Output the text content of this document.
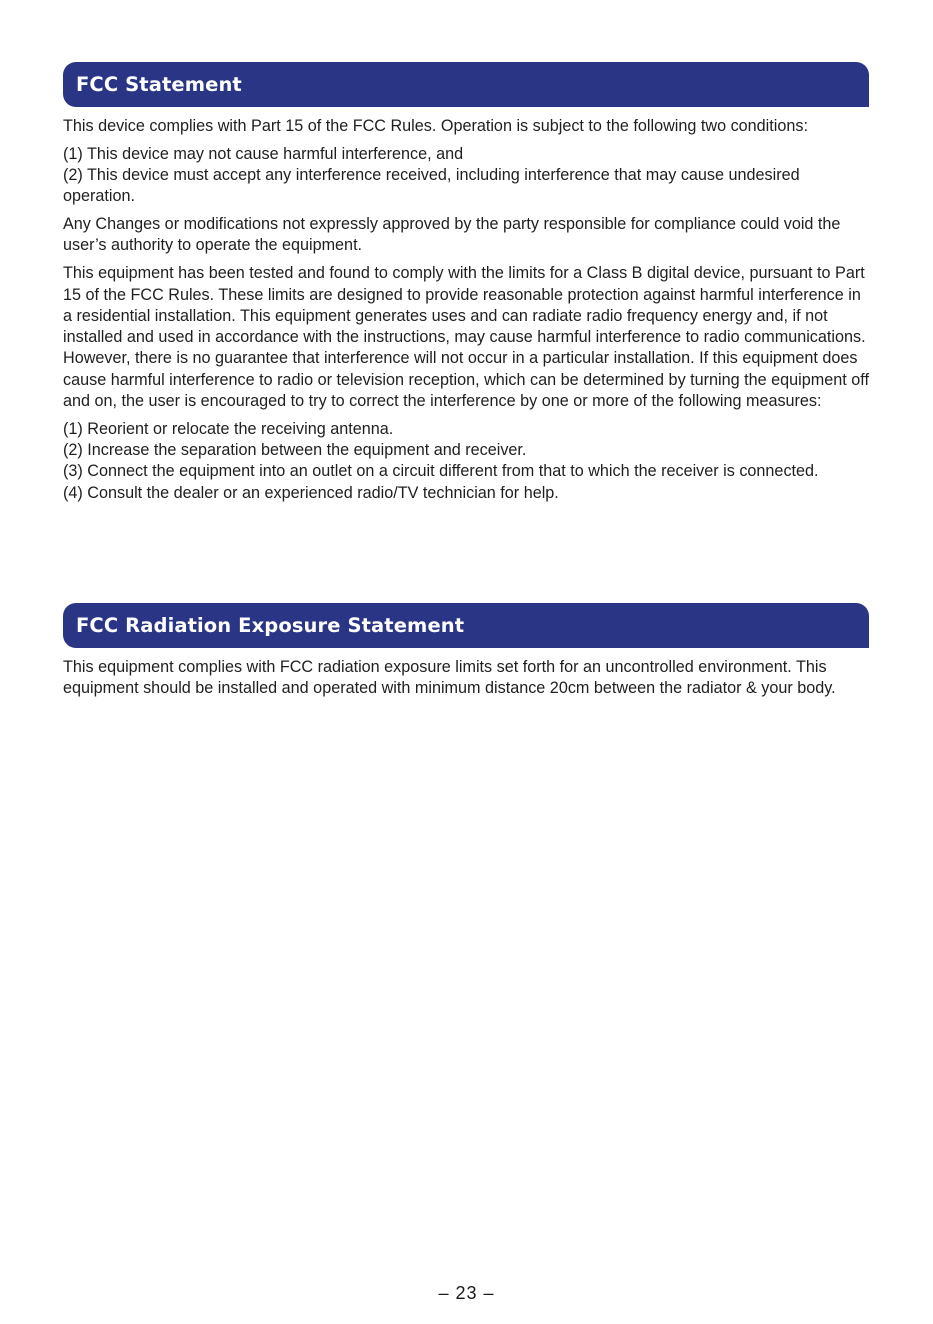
FCC Statement

This device complies with Part 15 of the FCC Rules. Operation is subject to the following two conditions:

(1) This device may not cause harmful interference, and
(2) This device must accept any interference received, including interference that may cause undesired operation.

Any Changes or modifications not expressly approved by the party responsible for compliance could void the user’s authority to operate the equipment.

This equipment has been tested and found to comply with the limits for a Class B digital device, pursuant to Part 15 of the FCC Rules. These limits are designed to provide reasonable protection against harmful interference in a residential installation. This equipment generates uses and can radiate radio frequency energy and, if not installed and used in accordance with the instructions, may cause harmful interference to radio communications. However, there is no guarantee that interference will not occur in a particular installation. If this equipment does cause harmful interference to radio or television reception, which can be determined by turning the equipment off and on, the user is encouraged to try to correct the interference by one or more of the following measures:

(1) Reorient or relocate the receiving antenna.
(2) Increase the separation between the equipment and receiver.
(3) Connect the equipment into an outlet on a circuit different from that to which the receiver is connected.
(4) Consult the dealer or an experienced radio/TV technician for help.
FCC Radiation Exposure Statement

This equipment complies with FCC radiation exposure limits set forth for an uncontrolled environment. This equipment should be installed and operated with minimum distance 20cm between the radiator & your body.

– 23 –
